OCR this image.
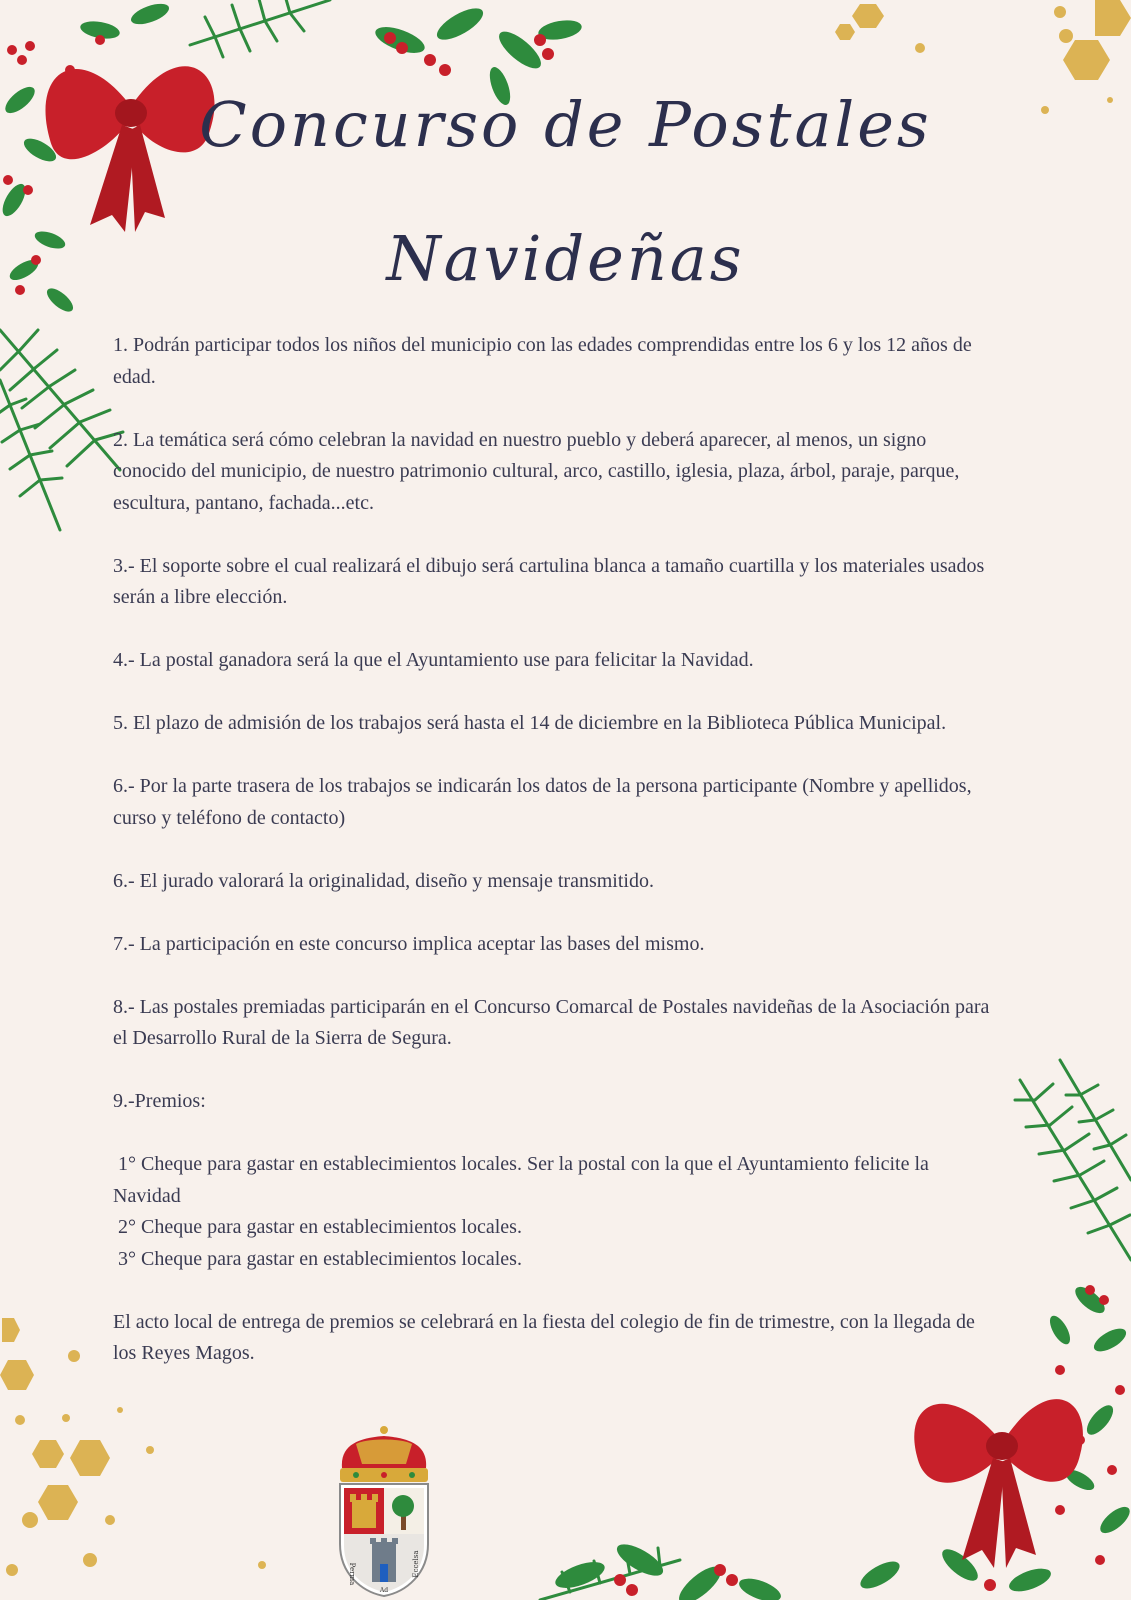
Concurso de Postales
Navideñas

1. Podrán participar todos los niños del municipio con las edades comprendidas entre los 6 y los 12 años de edad.

2. La temática será cómo celebran la navidad en nuestro pueblo y deberá aparecer, al menos, un signo conocido del municipio, de nuestro patrimonio cultural, arco, castillo, iglesia, plaza, árbol, paraje, parque, escultura, pantano, fachada...etc.

3.- El soporte sobre el cual realizará el dibujo será cartulina blanca a tamaño cuartilla y los materiales usados serán a libre elección.

4.- La postal ganadora será la que el Ayuntamiento use para felicitar la Navidad.

5. El plazo de admisión de los trabajos será hasta el 14 de diciembre en la Biblioteca Pública Municipal.

6.- Por la parte trasera de los trabajos se indicarán los datos de la persona participante (Nombre y apellidos, curso y teléfono de contacto)

6.- El jurado valorará la originalidad, diseño y mensaje transmitido.

7.- La participación en este concurso implica aceptar las bases del mismo.

8.- Las postales premiadas participarán en el Concurso Comarcal de Postales navideñas de la Asociación para el Desarrollo Rural de la Sierra de Segura.

9.-Premios:

1° Cheque para gastar en establecimientos locales. Ser la postal con la que el Ayuntamiento felicite la Navidad

2° Cheque para gastar en establecimientos locales.

3° Cheque para gastar en establecimientos locales.

El acto local de entrega de premios se celebrará en la fiesta del colegio de fin de trimestre, con la llegada de los Reyes Magos.

Perma	Eccelsa
Ad
